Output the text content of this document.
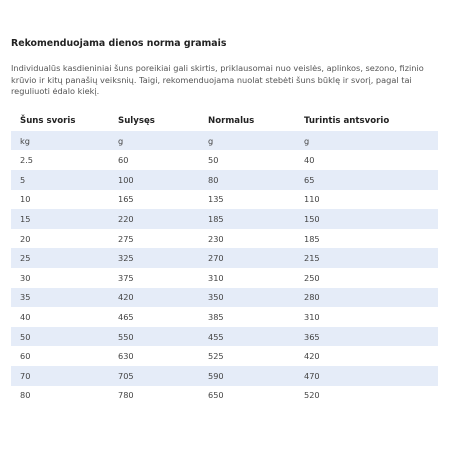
Rekomenduojama dienos norma gramais

Individualūs kasdieniniai šuns poreikiai gali skirtis, priklausomai nuo veislės, aplinkos, sezono, fizinio krūvio ir kitų panašių veiksnių. Taigi, rekomenduojama nuolat stebėti šuns būklę ir svorį, pagal tai reguliuoti ėdalo kiekį.

Šuns svoris	Sulysęs	Normalus	Turintis antsvorio
kg	g	g	g
2.5	60	50	40
5	100	80	65
10	165	135	110
15	220	185	150
20	275	230	185
25	325	270	215
30	375	310	250
35	420	350	280
40	465	385	310
50	550	455	365
60	630	525	420
70	705	590	470
80	780	650	520
